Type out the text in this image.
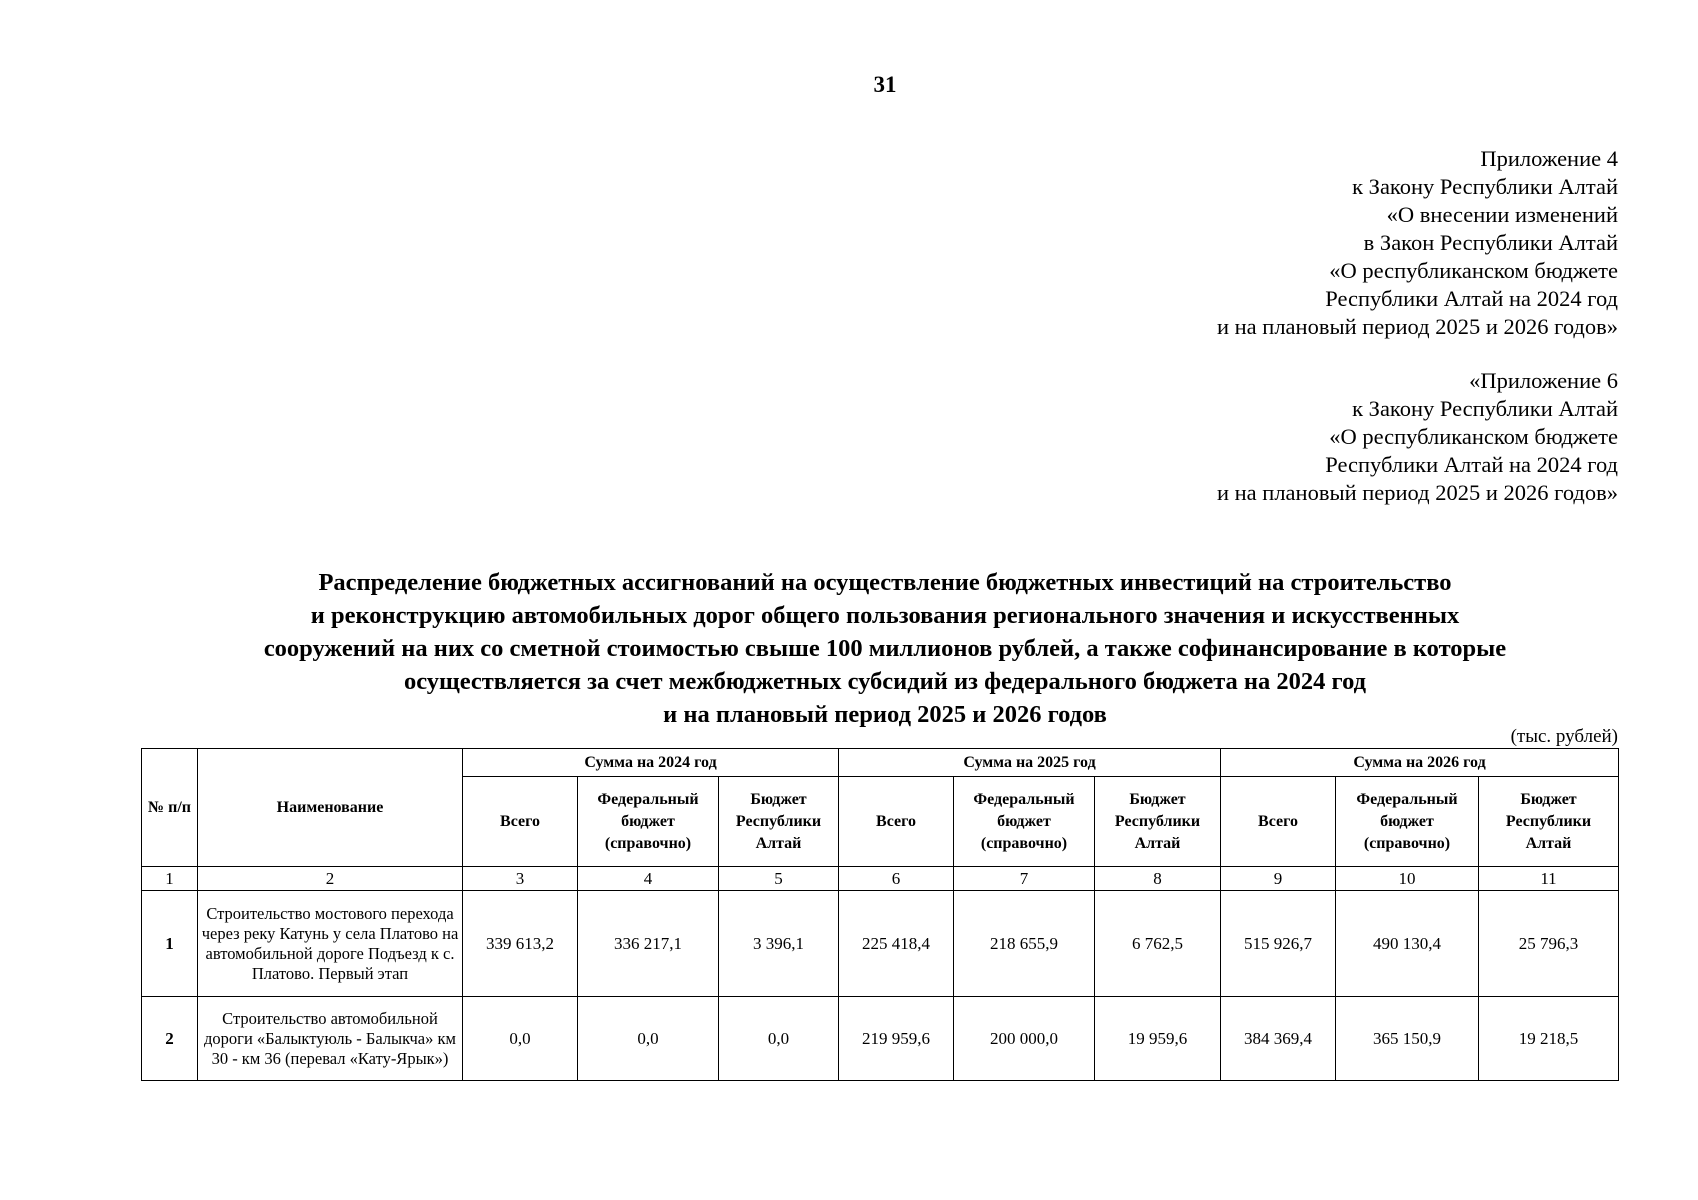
31
Приложение 4
к Закону Республики Алтай
«О внесении изменений
в Закон Республики Алтай
«О республиканском бюджете
Республики Алтай на 2024 год
и на плановый период 2025 и 2026 годов»
«Приложение 6
к Закону Республики Алтай
«О республиканском бюджете
Республики Алтай на 2024 год
и на плановый период 2025 и 2026 годов»
Распределение бюджетных ассигнований на осуществление бюджетных инвестиций на строительство
и реконструкцию автомобильных дорог общего пользования регионального значения и искусственных
сооружений на них со сметной стоимостью свыше 100 миллионов рублей, а также софинансирование в которые
осуществляется за счет межбюджетных субсидий из федерального бюджета на 2024 год
и на плановый период 2025 и 2026 годов
(тыс. рублей)
№ п/п	Наименование	Сумма на 2024 год			Сумма на 2025 год			Сумма на 2026 год		
		Всего	Федеральный бюджет (справочно)	Бюджет Республики Алтай	Всего	Федеральный бюджет (справочно)	Бюджет Республики Алтай	Всего	Федеральный бюджет (справочно)	Бюджет Республики Алтай
1	2	3	4	5	6	7	8	9	10	11
1	Строительство мостового перехода через реку Катунь у села Платово на автомобильной дороге Подъезд к с. Платово. Первый этап	339 613,2	336 217,1	3 396,1	225 418,4	218 655,9	6 762,5	515 926,7	490 130,4	25 796,3
2	Строительство автомобильной дороги «Балыктуюль - Балыкча» км 30 - км 36 (перевал «Кату-Ярык»)	0,0	0,0	0,0	219 959,6	200 000,0	19 959,6	384 369,4	365 150,9	19 218,5
